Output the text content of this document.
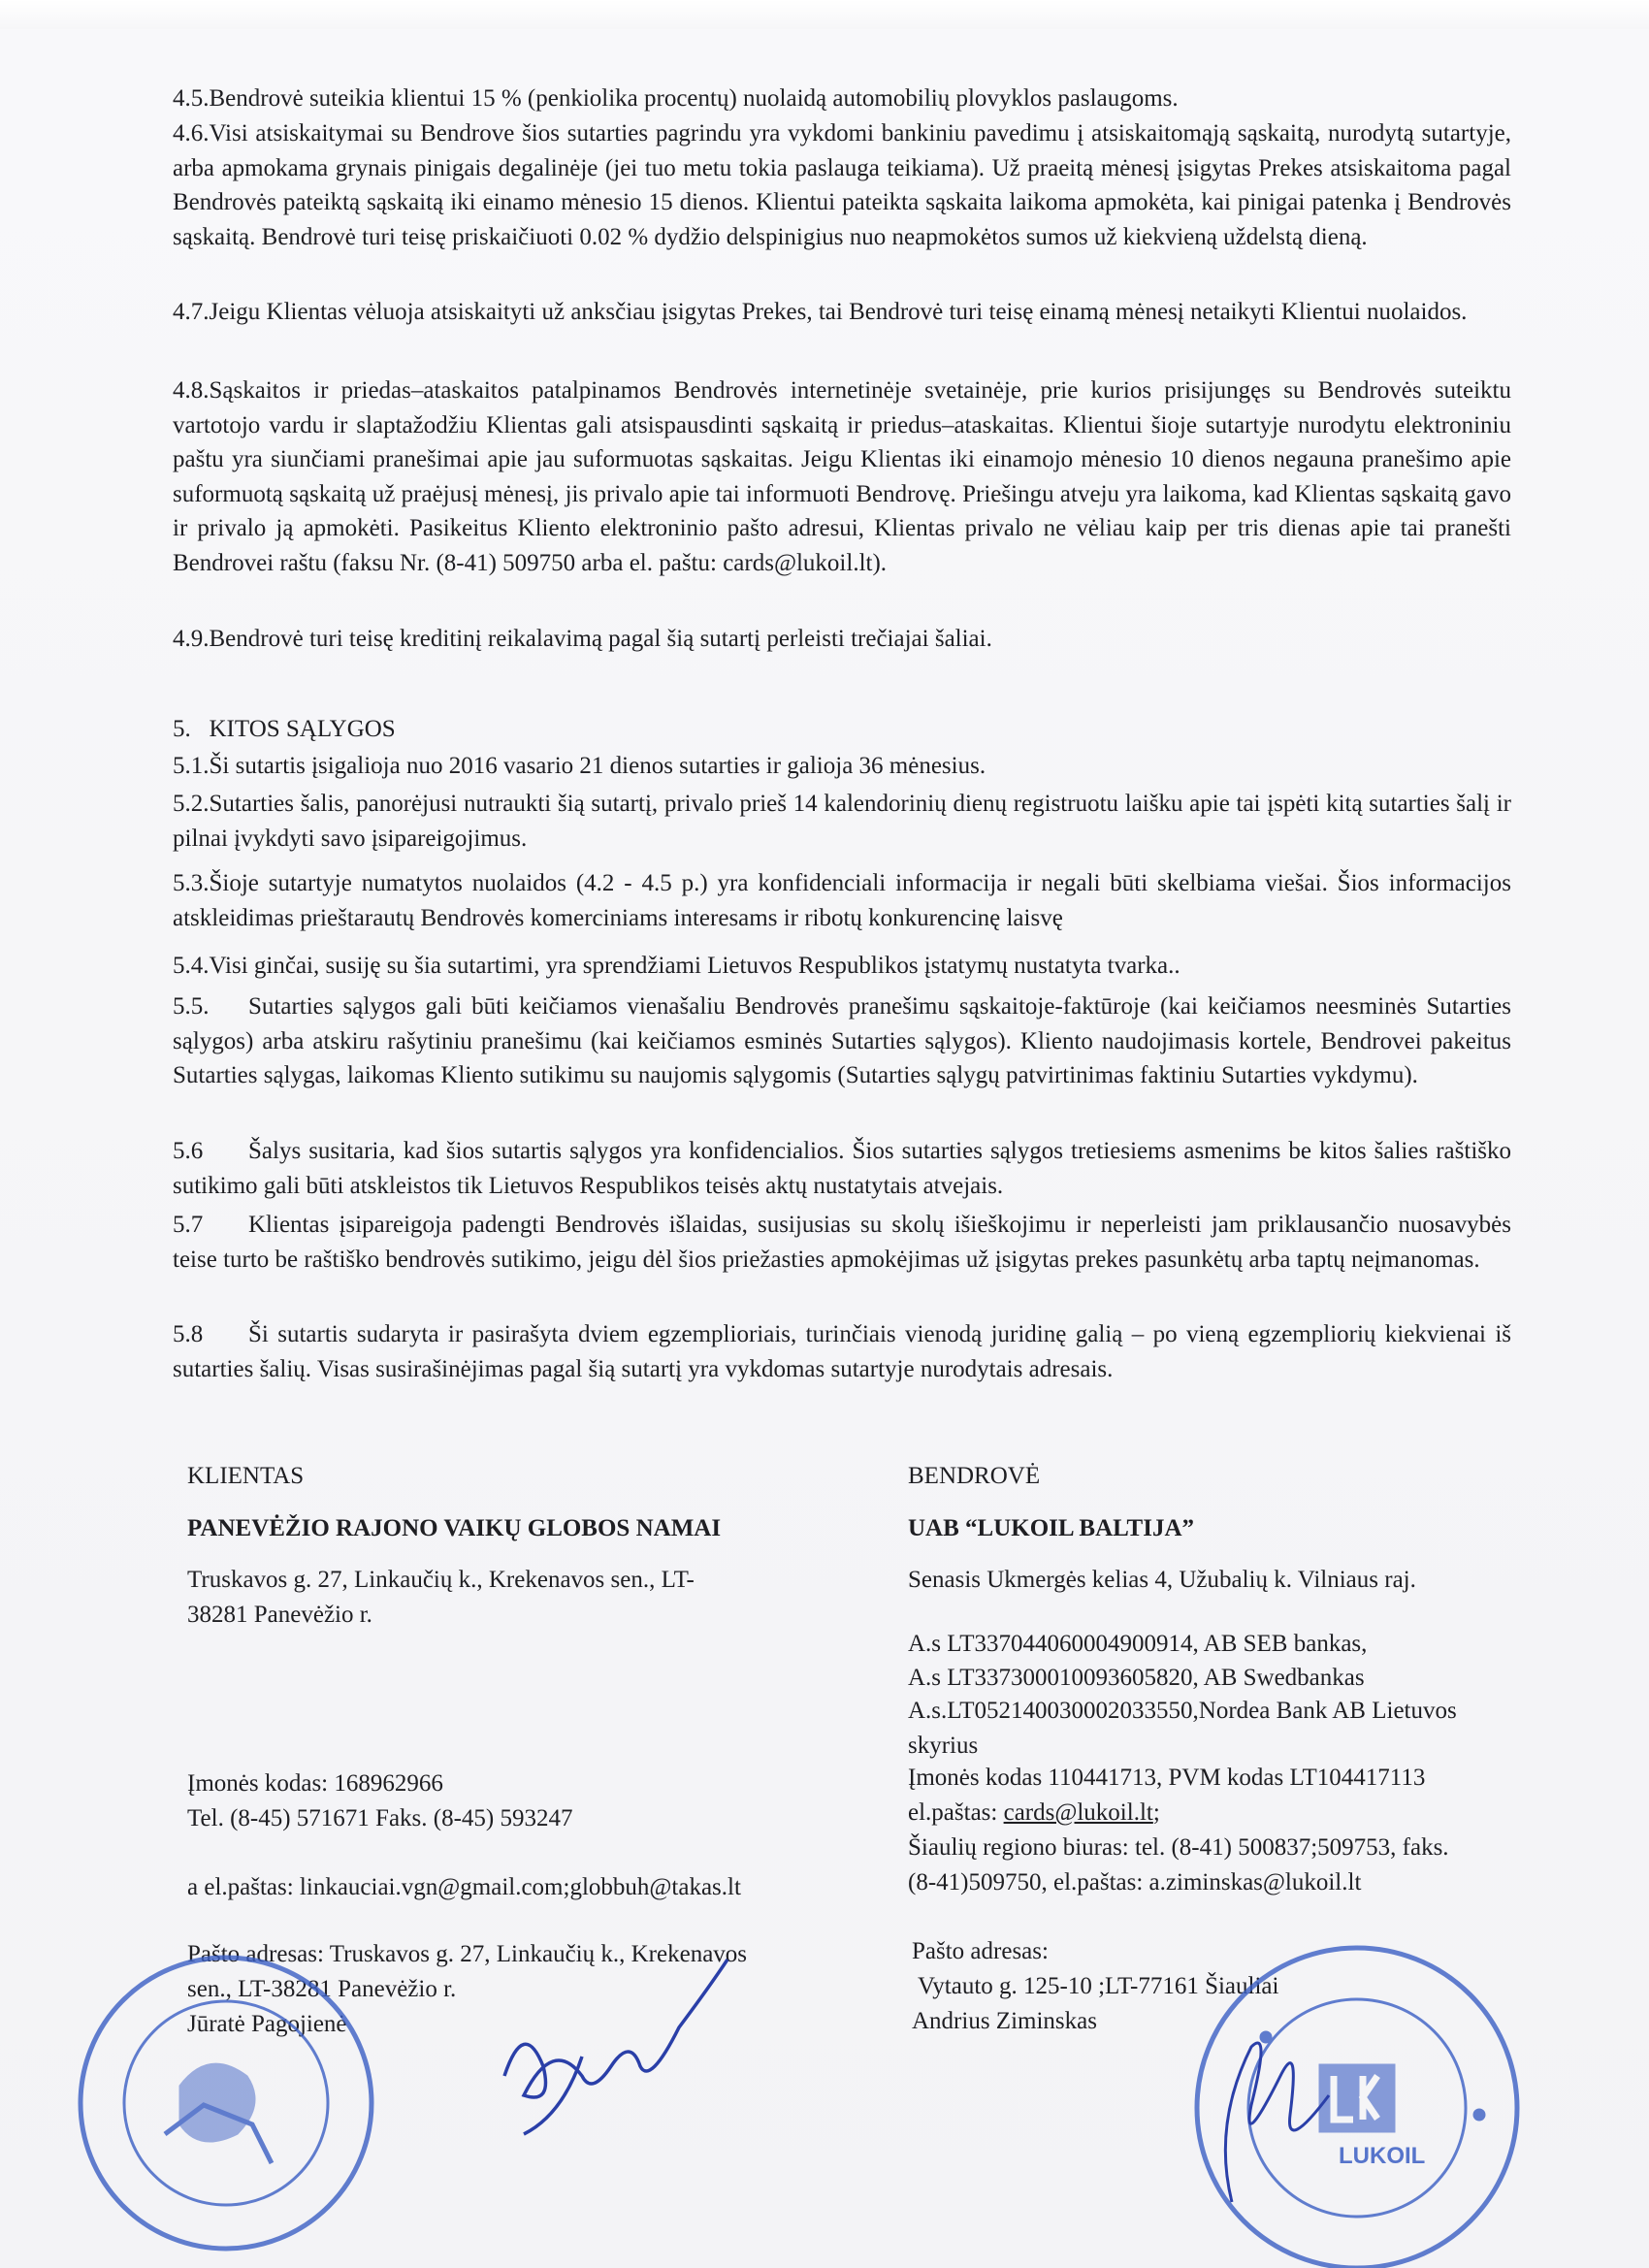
4.5.Bendrovė suteikia klientui 15 % (penkiolika procentų) nuolaidą automobilių plovyklos paslaugoms.

4.6.Visi atsiskaitymai su Bendrove šios sutarties pagrindu yra vykdomi bankiniu pavedimu į atsiskaitomąją sąskaitą, nurodytą sutartyje, arba apmokama grynais pinigais degalinėje (jei tuo metu tokia paslauga teikiama). Už praeitą mėnesį įsigytas Prekes atsiskaitoma pagal Bendrovės pateiktą sąskaitą iki einamo mėnesio 15 dienos. Klientui pateikta sąskaita laikoma apmokėta, kai pinigai patenka į Bendrovės sąskaitą. Bendrovė turi teisę priskaičiuoti 0.02 % dydžio delspinigius nuo neapmokėtos sumos už kiekvieną uždelstą dieną.

4.7.Jeigu Klientas vėluoja atsiskaityti už anksčiau įsigytas Prekes, tai Bendrovė turi teisę einamą mėnesį netaikyti Klientui nuolaidos.

4.8.Sąskaitos ir priedas–ataskaitos patalpinamos Bendrovės internetinėje svetainėje, prie kurios prisijungęs su Bendrovės suteiktu vartotojo vardu ir slaptažodžiu Klientas gali atsispausdinti sąskaitą ir priedus–ataskaitas. Klientui šioje sutartyje nurodytu elektroniniu paštu yra siunčiami pranešimai apie jau suformuotas sąskaitas. Jeigu Klientas iki einamojo mėnesio 10 dienos negauna pranešimo apie suformuotą sąskaitą už praėjusį mėnesį, jis privalo apie tai informuoti Bendrovę. Priešingu atveju yra laikoma, kad Klientas sąskaitą gavo ir privalo ją apmokėti. Pasikeitus Kliento elektroninio pašto adresui, Klientas privalo ne vėliau kaip per tris dienas apie tai pranešti Bendrovei raštu (faksu Nr. (8-41) 509750 arba el. paštu: cards@lukoil.lt).

4.9.Bendrovė turi teisę kreditinį reikalavimą pagal šią sutartį perleisti trečiajai šaliai.

5.   KITOS SĄLYGOS

5.1.Ši sutartis įsigalioja nuo 2016 vasario 21 dienos sutarties ir galioja 36 mėnesius.

5.2.Sutarties šalis, panorėjusi nutraukti šią sutartį, privalo prieš 14 kalendorinių dienų registruotu laišku apie tai įspėti kitą sutarties šalį ir pilnai įvykdyti savo įsipareigojimus.

5.3.Šioje sutartyje numatytos nuolaidos (4.2 - 4.5 p.) yra konfidenciali informacija ir negali būti skelbiama viešai. Šios informacijos atskleidimas prieštarautų Bendrovės komerciniams interesams ir ribotų konkurencinę laisvę

5.4.Visi ginčai, susiję su šia sutartimi, yra sprendžiami Lietuvos Respublikos įstatymų nustatyta tvarka..

5.5. Sutarties sąlygos gali būti keičiamos vienašaliu Bendrovės pranešimu sąskaitoje-faktūroje (kai keičiamos neesminės Sutarties sąlygos) arba atskiru rašytiniu pranešimu (kai keičiamos esminės Sutarties sąlygos). Kliento naudojimasis kortele, Bendrovei pakeitus Sutarties sąlygas, laikomas Kliento sutikimu su naujomis sąlygomis (Sutarties sąlygų patvirtinimas faktiniu Sutarties vykdymu).

5.6 Šalys susitaria, kad šios sutartis sąlygos yra konfidencialios. Šios sutarties sąlygos tretiesiems asmenims be kitos šalies raštiško sutikimo gali būti atskleistos tik Lietuvos Respublikos teisės aktų nustatytais atvejais.

5.7 Klientas įsipareigoja padengti Bendrovės išlaidas, susijusias su skolų išieškojimu ir neperleisti jam priklausančio nuosavybės teise turto be raštiško bendrovės sutikimo, jeigu dėl šios priežasties apmokėjimas už įsigytas prekes pasunkėtų arba taptų neįmanomas.

5.8 Ši sutartis sudaryta ir pasirašyta dviem egzemplioriais, turinčiais vienodą juridinę galią – po vieną egzempliorių kiekvienai iš sutarties šalių. Visas susirašinėjimas pagal šią sutartį yra vykdomas sutartyje nurodytais adresais.

KLIENTAS
PANEVĖŽIO RAJONO VAIKŲ GLOBOS NAMAI
Truskavos g. 27, Linkaučių k., Krekenavos sen., LT-
38281 Panevėžio r.
Įmonės kodas: 168962966
Tel. (8-45) 571671 Faks. (8-45) 593247
a el.paštas: linkauciai.vgn@gmail.com;globbuh@takas.lt
Pašto adresas: Truskavos g. 27, Linkaučių k., Krekenavos
sen., LT-38281 Panevėžio r.
Jūratė Pagojienė
BENDROVĖ
UAB “LUKOIL BALTIJA”
Senasis Ukmergės kelias 4, Užubalių k. Vilniaus raj.
A.s LT337044060004900914, AB SEB bankas,
A.s LT337300010093605820, AB Swedbankas
A.s.LT052140030002033550,Nordea Bank AB Lietuvos
skyrius
Įmonės kodas 110441713, PVM kodas LT104417113
el.paštas: cards@lukoil.lt;
Šiaulių regiono biuras: tel. (8-41) 500837;509753, faks.
(8-41)509750, el.paštas: a.ziminskas@lukoil.lt
Pašto adresas:
Vytauto g. 125-10 ;LT-77161 Šiauliai
Andrius Ziminskas
LUKOIL
